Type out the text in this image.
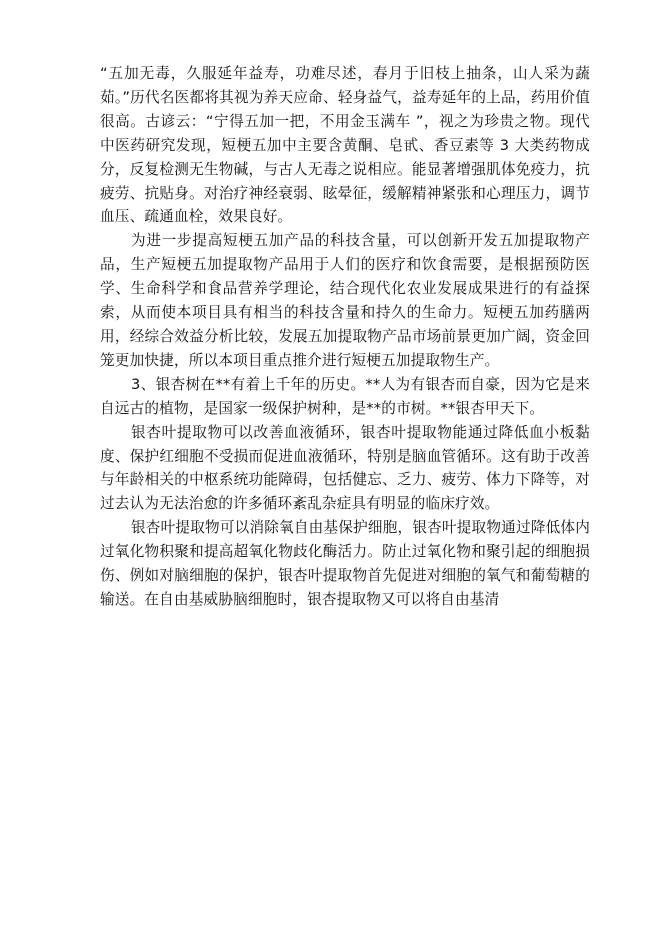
“五加无毒，久服延年益寿，功难尽述，春月于旧枝上抽条，山人采为蔬茹。”历代名医都将其视为养天应命、轻身益气，益寿延年的上品，药用价值很高。古谚云：“宁得五加一把，不用金玉满车 ”，视之为珍贵之物。现代中医药研究发现，短梗五加中主要含黄酮、皂甙、香豆素等 3 大类药物成分，反复检测无生物碱，与古人无毒之说相应。能显著增强肌体免疫力，抗疲劳、抗贴身。对治疗神经衰弱、眩晕征，缓解精神紧张和心理压力，调节血压、疏通血栓，效果良好。

为进一步提高短梗五加产品的科技含量，可以创新开发五加提取物产品，生产短梗五加提取物产品用于人们的医疗和饮食需要，是根据预防医学、生命科学和食品营养学理论，结合现代化农业发展成果进行的有益探索，从而使本项目具有相当的科技含量和持久的生命力。短梗五加药膳两用，经综合效益分析比较，发展五加提取物产品市场前景更加广阔，资金回笼更加快捷，所以本项目重点推介进行短梗五加提取物生产。

3、银杏树在**有着上千年的历史。**人为有银杏而自豪，因为它是来自远古的植物，是国家一级保护树种，是**的市树。**银杏甲天下。

银杏叶提取物可以改善血液循环，银杏叶提取物能通过降低血小板黏度、保护红细胞不受损而促进血液循环，特别是脑血管循环。这有助于改善与年龄相关的中枢系统功能障碍，包括健忘、乏力、疲劳、体力下降等，对过去认为无法治愈的许多循环紊乱杂症具有明显的临床疗效。

银杏叶提取物可以消除氧自由基保护细胞，银杏叶提取物通过降低体内过氧化物积聚和提高超氧化物歧化酶活力。防止过氧化物和聚引起的细胞损伤、例如对脑细胞的保护，银杏叶提取物首先促进对细胞的氧气和葡萄糖的输送。在自由基威胁脑细胞时，银杏提取物又可以将自由基清
